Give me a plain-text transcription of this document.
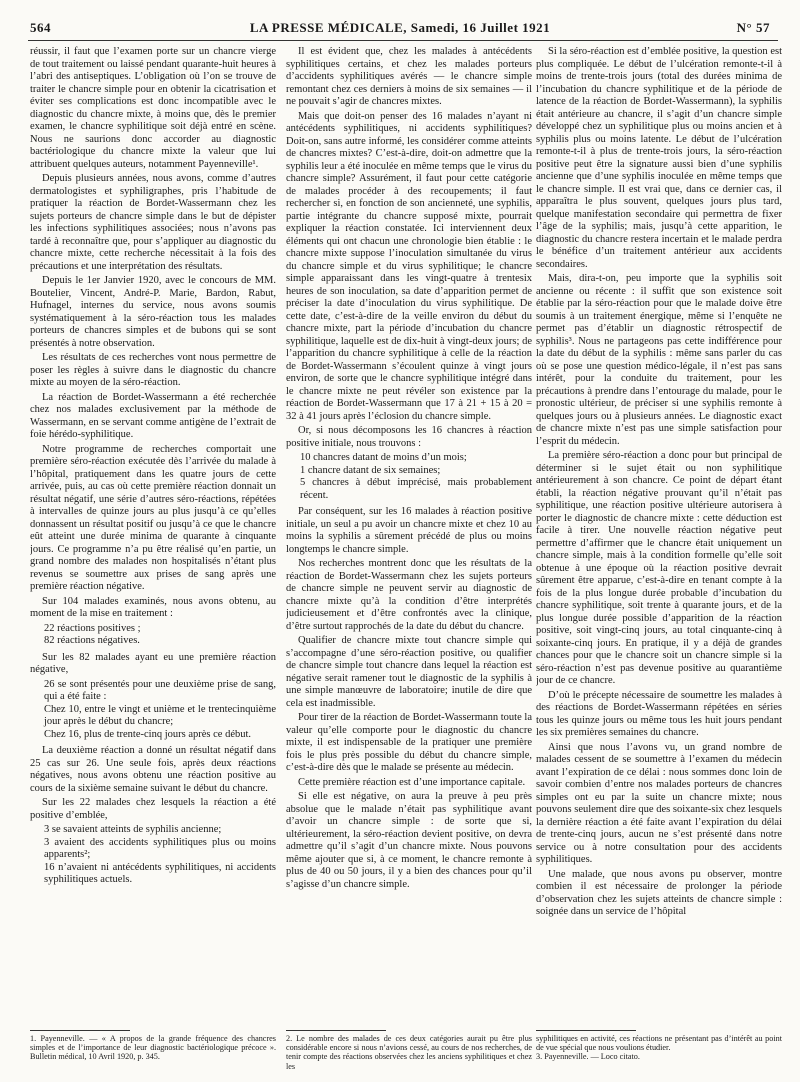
564	LA PRESSE MÉDICALE, Samedi, 16 Juillet 1921	N° 57

réussir, il faut que l’examen porte sur un chancre vierge de tout traitement ou laissé pendant quarante-huit heures à l’abri des antiseptiques. L’obligation où l’on se trouve de traiter le chancre simple pour en obtenir la cicatrisation et éviter ses complications est donc incompatible avec le diagnostic du chancre mixte, à moins que, dès le premier examen, le chancre syphilitique soit déjà entré en scène. Nous ne saurions donc accorder au diagnostic bactériologique du chancre mixte la valeur que lui attribuent quelques auteurs, notamment Payenneville¹.

Depuis plusieurs années, nous avons, comme d’autres dermatologistes et syphiligraphes, pris l’habitude de pratiquer la réaction de Bordet-Wassermann chez les sujets porteurs de chancre simple dans le but de dépister les infections syphilitiques associées; nous n’avons pas tardé à reconnaître que, pour s’appliquer au diagnostic du chancre mixte, cette recherche nécessitait à la fois des précautions et une interprétation des résultats.

Depuis le 1er Janvier 1920, avec le concours de MM. Boutelier, Vincent, André-P. Marie, Bardon, Rabut, Hufnagel, internes du service, nous avons soumis systématiquement à la séro-réaction tous les malades porteurs de chancres simples et de bubons qui se sont présentés à notre observation.

Les résultats de ces recherches vont nous permettre de poser les règles à suivre dans le diagnostic du chancre mixte au moyen de la séro-réaction.

La réaction de Bordet-Wassermann a été recherchée chez nos malades exclusivement par la méthode de Wassermann, en se servant comme antigène de l’extrait de foie hérédo-syphilitique.

Notre programme de recherches comportait une première séro-réaction exécutée dès l’arrivée du malade à l’hôpital, pratiquement dans les quatre jours de cette arrivée, puis, au cas où cette première réaction donnait un résultat négatif, une série d’autres séro-réactions, répétées à intervalles de quinze jours au plus jusqu’à ce qu’elles donnassent un résultat positif ou jusqu’à ce que le chancre eût atteint une durée minima de quarante à cinquante jours. Ce programme n’a pu être réalisé qu’en partie, un grand nombre des malades non hospitalisés n’étant plus revenus se soumettre aux prises de sang après une première réaction négative.

Sur 104 malades examinés, nous avons obtenu, au moment de la mise en traitement :

22 réactions positives ;
82 réactions négatives.

Sur les 82 malades ayant eu une première réaction négative,

26 se sont présentés pour une deuxième prise de sang, qui a été faite :
Chez 10, entre le vingt et unième et le trentecinquième jour après le début du chancre;
Chez 16, plus de trente-cinq jours après ce début.

La deuxième réaction a donné un résultat négatif dans 25 cas sur 26. Une seule fois, après deux réactions négatives, nous avons obtenu une réaction positive au cours de la sixième semaine suivant le début du chancre.

Sur les 22 malades chez lesquels la réaction a été positive d’emblée,

3 se savaient atteints de syphilis ancienne;
3 avaient des accidents syphilitiques plus ou moins apparents²;
16 n’avaient ni antécédents syphilitiques, ni accidents syphilitiques actuels.

Il est évident que, chez les malades à antécédents syphilitiques certains, et chez les malades porteurs d’accidents syphilitiques avérés — le chancre simple remontant chez ces derniers à moins de six semaines — il ne pouvait s’agir de chancres mixtes.

Mais que doit-on penser des 16 malades n’ayant ni antécédents syphilitiques, ni accidents syphilitiques? Doit-on, sans autre informé, les considérer comme atteints de chancres mixtes? C’est-à-dire, doit-on admettre que la syphilis leur a été inoculée en même temps que le virus du chancre simple? Assurément, il faut pour cette catégorie de malades procéder à des recoupements; il faut rechercher si, en fonction de son ancienneté, une syphilis, partie intégrante du chancre supposé mixte, pourrait expliquer la réaction constatée. Ici interviennent deux éléments qui ont chacun une chronologie bien établie : le chancre mixte suppose l’inoculation simultanée du virus du chancre simple et du virus syphilitique; le chancre simple apparaissant dans les vingt-quatre à trentesix heures de son inoculation, sa date d’apparition permet de préciser la date d’inoculation du virus syphilitique. De cette date, c’est-à-dire de la veille environ du début du chancre mixte, part la période d’incubation du chancre syphilitique, laquelle est de dix-huit à vingt-deux jours; de l’apparition du chancre syphilitique à celle de la réaction de Bordet-Wassermann s’écoulent quinze à vingt jours environ, de sorte que le chancre syphilitique intégré dans le chancre mixte ne peut révéler son existence par la réaction de Bordet-Wassermann que 17 à 21 + 15 à 20 = 32 à 41 jours après l’éclosion du chancre simple.

Or, si nous décomposons les 16 chancres à réaction positive initiale, nous trouvons :

10 chancres datant de moins d’un mois;
1 chancre datant de six semaines;
5 chancres à début imprécisé, mais probablement récent.

Par conséquent, sur les 16 malades à réaction positive initiale, un seul a pu avoir un chancre mixte et chez 10 au moins la syphilis a sûrement précédé de plus ou moins longtemps le chancre simple.

Nos recherches montrent donc que les résultats de la réaction de Bordet-Wassermann chez les sujets porteurs de chancre simple ne peuvent servir au diagnostic de chancre mixte qu’à la condition d’être interprétés judicieusement et d’être confrontés avec la clinique, d’être surtout rapprochés de la date du début du chancre.

Qualifier de chancre mixte tout chancre simple qui s’accompagne d’une séro-réaction positive, ou qualifier de chancre simple tout chancre dans lequel la réaction est négative serait ramener tout le diagnostic de la syphilis à une simple manœuvre de laboratoire; inutile de dire que cela est inadmissible.

Pour tirer de la réaction de Bordet-Wassermann toute la valeur qu’elle comporte pour le diagnostic du chancre mixte, il est indispensable de la pratiquer une première fois le plus près possible du début du chancre simple, c’est-à-dire dès que le malade se présente au médecin.

Cette première réaction est d’une importance capitale.

Si elle est négative, on aura la preuve à peu près absolue que le malade n’était pas syphilitique avant d’avoir un chancre simple : de sorte que si, ultérieurement, la séro-réaction devient positive, on devra admettre qu’il s’agit d’un chancre mixte. Nous pouvons même ajouter que si, à ce moment, le chancre remonte à plus de 40 ou 50 jours, il y a bien des chances pour qu’il s’agisse d’un chancre simple.

Si la séro-réaction est d’emblée positive, la question est plus compliquée. Le début de l’ulcération remonte-t-il à moins de trente-trois jours (total des durées minima de l’incubation du chancre syphilitique et de la période de latence de la réaction de Bordet-Wassermann), la syphilis était antérieure au chancre, il s’agit d’un chancre simple développé chez un syphilitique plus ou moins ancien et à syphilis plus ou moins latente. Le début de l’ulcération remonte-t-il à plus de trente-trois jours, la séro-réaction positive peut être la signature aussi bien d’une syphilis ancienne que d’une syphilis inoculée en même temps que le chancre simple. Il est vrai que, dans ce dernier cas, il apparaîtra le plus souvent, quelques jours plus tard, quelque manifestation secondaire qui permettra de fixer l’âge de la syphilis; mais, jusqu’à cette apparition, le diagnostic du chancre restera incertain et le malade perdra le bénéfice d’un traitement antérieur aux accidents secondaires.

Mais, dira-t-on, peu importe que la syphilis soit ancienne ou récente : il suffit que son existence soit établie par la séro-réaction pour que le malade doive être soumis à un traitement énergique, même si l’enquête ne permet pas d’établir un diagnostic rétrospectif de syphilis³. Nous ne partageons pas cette indifférence pour la date du début de la syphilis : même sans parler du cas où se pose une question médico-légale, il n’est pas sans intérêt, pour la conduite du traitement, pour les précautions à prendre dans l’entourage du malade, pour le pronostic ultérieur, de préciser si une syphilis remonte à quelques jours ou à plusieurs années. Le diagnostic exact de chancre mixte n’est pas une simple satisfaction pour l’esprit du médecin.

La première séro-réaction a donc pour but principal de déterminer si le sujet était ou non syphilitique antérieurement à son chancre. Ce point de départ étant établi, la réaction négative prouvant qu’il n’était pas syphilitique, une réaction positive ultérieure autorisera à porter le diagnostic de chancre mixte : cette déduction est facile à tirer. Une nouvelle réaction négative peut permettre d’affirmer que le chancre était uniquement un chancre simple, mais à la condition formelle qu’elle soit obtenue à une époque où la réaction positive devrait sûrement être apparue, c’est-à-dire en tenant compte à la fois de la plus longue durée probable d’incubation du chancre syphilitique, soit trente à quarante jours, et de la plus longue durée possible d’apparition de la réaction positive, soit vingt-cinq jours, au total cinquante-cinq à soixante-cinq jours. En pratique, il y a déjà de grandes chances pour que le chancre soit un chancre simple si la séro-réaction n’est pas devenue positive au quarantième jour de ce chancre.

D’où le précepte nécessaire de soumettre les malades à des réactions de Bordet-Wassermann répétées en séries tous les quinze jours ou même tous les huit jours pendant les six premières semaines du chancre.

Ainsi que nous l’avons vu, un grand nombre de malades cessent de se soumettre à l’examen du médecin avant l’expiration de ce délai : nous sommes donc loin de savoir combien d’entre nos malades porteurs de chancres simples ont eu par la suite un chancre mixte; nous pouvons seulement dire que des soixante-six chez lesquels la dernière réaction a été faite avant l’expiration du délai de trente-cinq jours, aucun ne s’est présenté dans notre service ou à notre consultation pour des accidents syphilitiques.

Une malade, que nous avons pu observer, montre combien il est nécessaire de prolonger la période d’observation chez les sujets atteints de chancre simple : soignée dans un service de l’hôpital

1. Payenneville. — « A propos de la grande fréquence des chancres simples et de l’importance de leur diagnostic bactériologique précoce ». Bulletin médical, 10 Avril 1920, p. 345.
2. Le nombre des malades de ces deux catégories aurait pu être plus considérable encore si nous n’avions cessé, au cours de nos recherches, de tenir compte des réactions observées chez les anciens syphilitiques et chez les
syphilitiques en activité, ces réactions ne présentant pas d’intérêt au point de vue spécial que nous voulions étudier.
3. Payenneville. — Loco citato.
